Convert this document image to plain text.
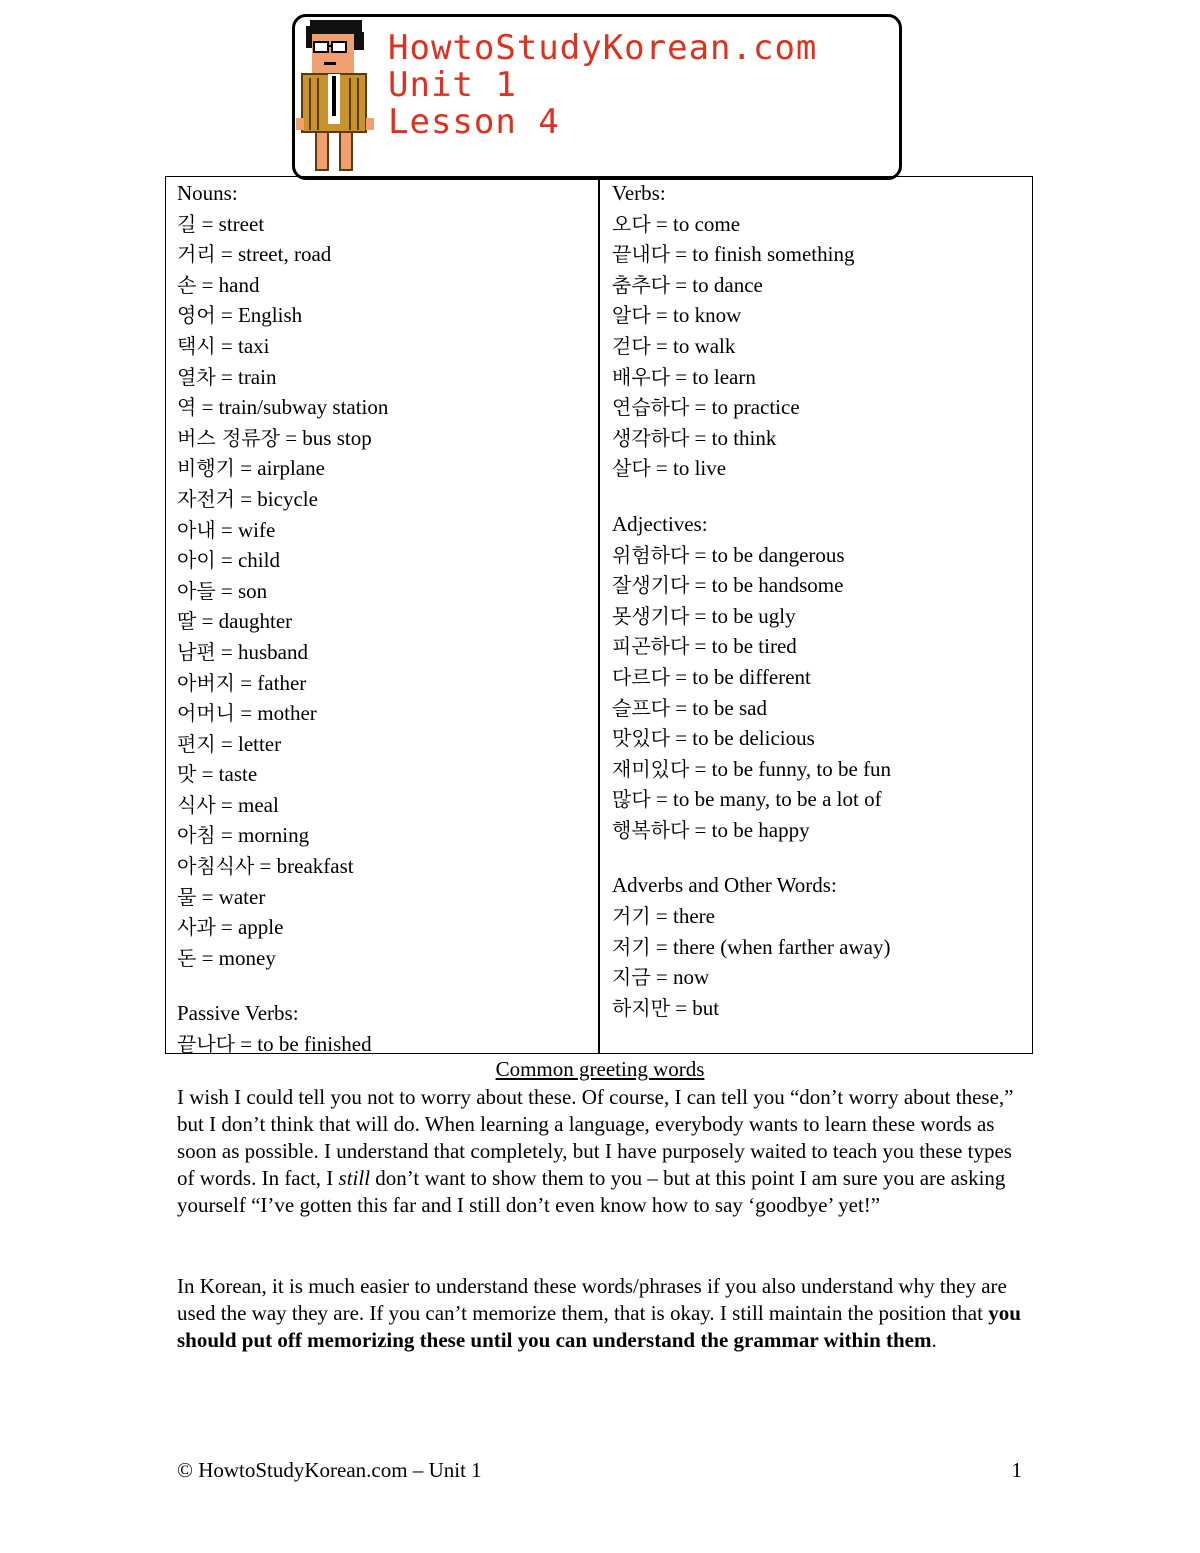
HowtoStudyKorean.com
Unit 1
Lesson 4
Nouns:
길 = street
거리 = street, road
손 = hand
영어 = English
택시 = taxi
열차 = train
역 = train/subway station
버스 정류장 = bus stop
비행기 = airplane
자전거 = bicycle
아내 = wife
아이 = child
아들 = son
딸 = daughter
남편 = husband
아버지 = father
어머니 = mother
편지 = letter
맛 = taste
식사 = meal
아침 = morning
아침식사 = breakfast
물 = water
사과 = apple
돈 = money
Passive Verbs:
끝나다 = to be finished
Verbs:
오다 = to come
끝내다 = to finish something
춤추다 = to dance
알다 = to know
걷다 = to walk
배우다 = to learn
연습하다 = to practice
생각하다 = to think
살다 = to live
Adjectives:
위험하다 = to be dangerous
잘생기다 = to be handsome
못생기다 = to be ugly
피곤하다 = to be tired
다르다 = to be different
슬프다 = to be sad
맛있다 = to be delicious
재미있다 = to be funny, to be fun
많다 = to be many, to be a lot of
행복하다 = to be happy
Adverbs and Other Words:
거기 = there
저기 = there (when farther away)
지금 = now
하지만 = but
Common greeting words
I wish I could tell you not to worry about these. Of course, I can tell you “don’t worry about these,” but I don’t think that will do. When learning a language, everybody wants to learn these words as soon as possible. I understand that completely, but I have purposely waited to teach you these types of words. In fact, I still don’t want to show them to you – but at this point I am sure you are asking yourself “I’ve gotten this far and I still don’t even know how to say ‘goodbye’ yet!”
In Korean, it is much easier to understand these words/phrases if you also understand why they are used the way they are. If you can’t memorize them, that is okay. I still maintain the position that you should put off memorizing these until you can understand the grammar within them.
© HowtoStudyKorean.com – Unit 1	1
